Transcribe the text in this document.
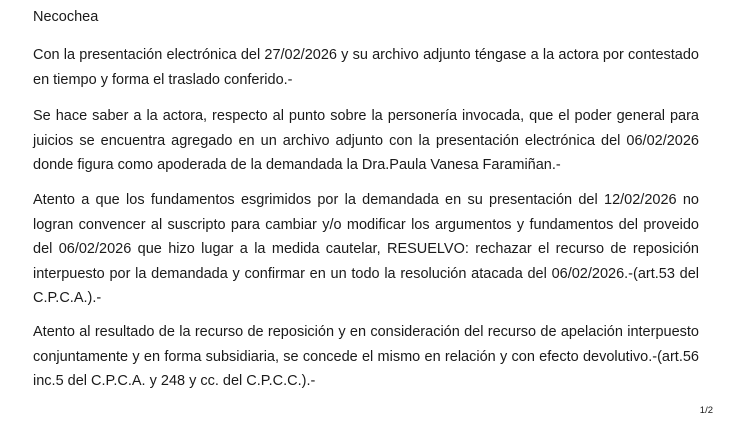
Necochea

Con la presentación electrónica del 27/02/2026 y su archivo adjunto téngase a la actora por contestado en tiempo y forma el traslado conferido.-

Se hace saber a la actora, respecto al punto sobre la personería invocada, que el poder general para juicios se encuentra agregado en un archivo adjunto con la presentación electrónica del 06/02/2026 donde figura como apoderada de la demandada la Dra.Paula Vanesa Faramiñan.-

Atento a que los fundamentos esgrimidos por la demandada en su presentación del 12/02/2026 no logran convencer al suscripto para cambiar y/o modificar los argumentos y fundamentos del proveido del 06/02/2026 que hizo lugar a la medida cautelar, RESUELVO: rechazar el recurso de reposición interpuesto por la demandada y confirmar en un todo la resolución atacada del 06/02/2026.-(art.53 del C.P.C.A.).-

Atento al resultado de la recurso de reposición y en consideración del recurso de apelación interpuesto conjuntamente y en forma subsidiaria, se concede el mismo en relación y con efecto devolutivo.-(art.56 inc.5 del C.P.C.A. y 248 y cc. del C.P.C.C.).-

1/2
